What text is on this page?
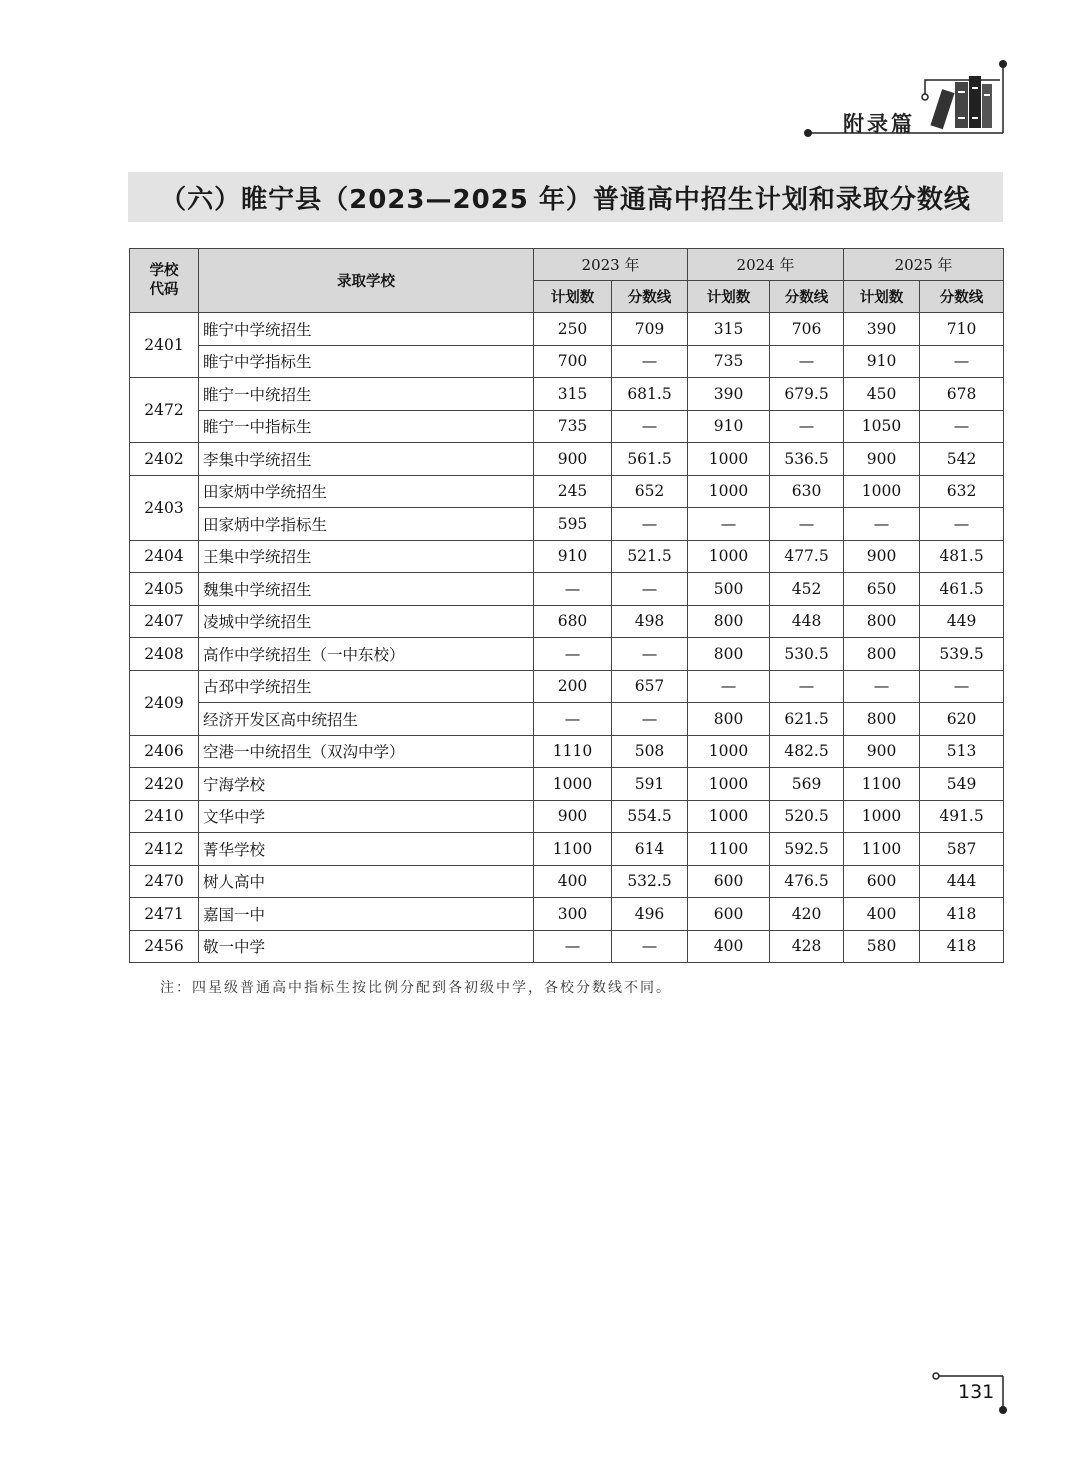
附录篇
（六）睢宁县（2023—2025 年）普通高中招生计划和录取分数线
学校
代码	录取学校	2023 年		2024 年		2025 年	
		计划数	分数线	计划数	分数线	计划数	分数线
2401	睢宁中学统招生	250	709	315	706	390	710
	睢宁中学指标生	700	—	735	—	910	—
2472	睢宁一中统招生	315	681.5	390	679.5	450	678
	睢宁一中指标生	735	—	910	—	1050	—
2402	李集中学统招生	900	561.5	1000	536.5	900	542
2403	田家炳中学统招生	245	652	1000	630	1000	632
	田家炳中学指标生	595	—	—	—	—	—
2404	王集中学统招生	910	521.5	1000	477.5	900	481.5
2405	魏集中学统招生	—	—	500	452	650	461.5
2407	凌城中学统招生	680	498	800	448	800	449
2408	高作中学统招生（一中东校）	—	—	800	530.5	800	539.5
2409	古邳中学统招生	200	657	—	—	—	—
	经济开发区高中统招生	—	—	800	621.5	800	620
2406	空港一中统招生（双沟中学）	1110	508	1000	482.5	900	513
2420	宁海学校	1000	591	1000	569	1100	549
2410	文华中学	900	554.5	1000	520.5	1000	491.5
2412	菁华学校	1100	614	1100	592.5	1100	587
2470	树人高中	400	532.5	600	476.5	600	444
2471	嘉国一中	300	496	600	420	400	418
2456	敬一中学	—	—	400	428	580	418
注：四星级普通高中指标生按比例分配到各初级中学，各校分数线不同。
131
